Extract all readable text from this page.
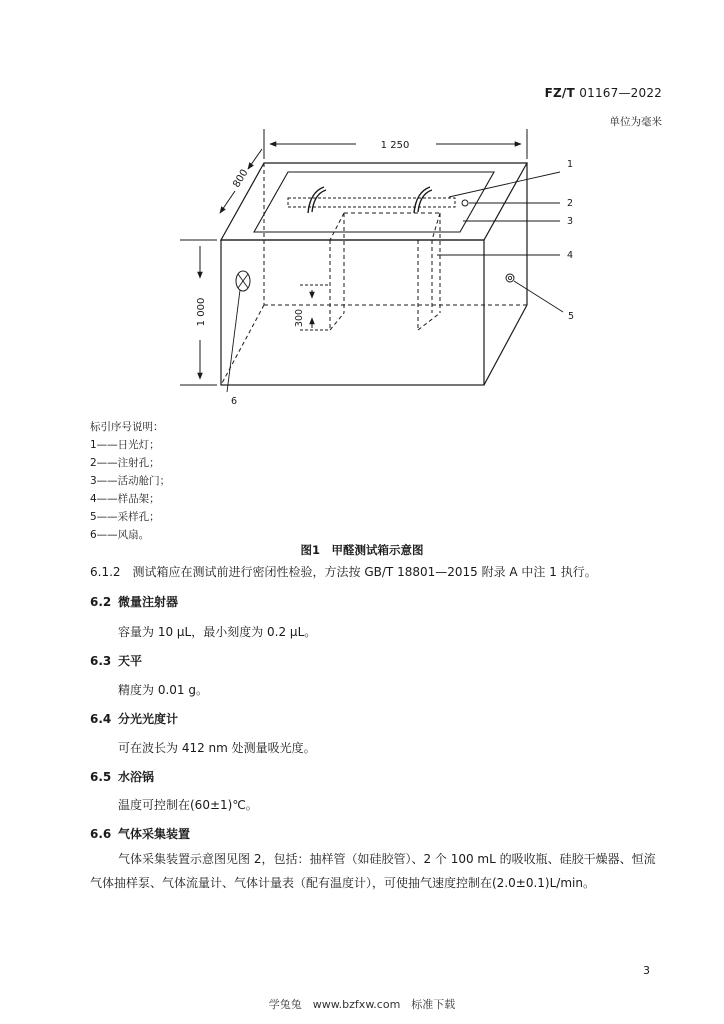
FZ/T 01167—2022
单位为毫米
1 250
800
1 000	300
1
2
3
4
5
6
标引序号说明：
1——日光灯；
2——注射孔；
3——活动舱门；
4——样品架；
5——采样孔；
6——风扇。
图1　甲醛测试箱示意图
6.1.2　测试箱应在测试前进行密闭性检验，方法按 GB/T 18801—2015 附录 A 中注 1 执行。
6.2 微量注射器
容量为 10 μL，最小刻度为 0.2 μL。
6.3 天平
精度为 0.01 g。
6.4 分光光度计
可在波长为 412 nm 处测量吸光度。
6.5 水浴锅
温度可控制在(60±1)℃。
6.6 气体采集装置
气体采集装置示意图见图 2，包括：抽样管（如硅胶管）、2 个 100 mL 的吸收瓶、硅胶干燥器、恒流气体抽样泵、气体流量计、气体计量表（配有温度计），可使抽气速度控制在(2.0±0.1)L/min。
3
学兔兔　www.bzfxw.com　标准下载
